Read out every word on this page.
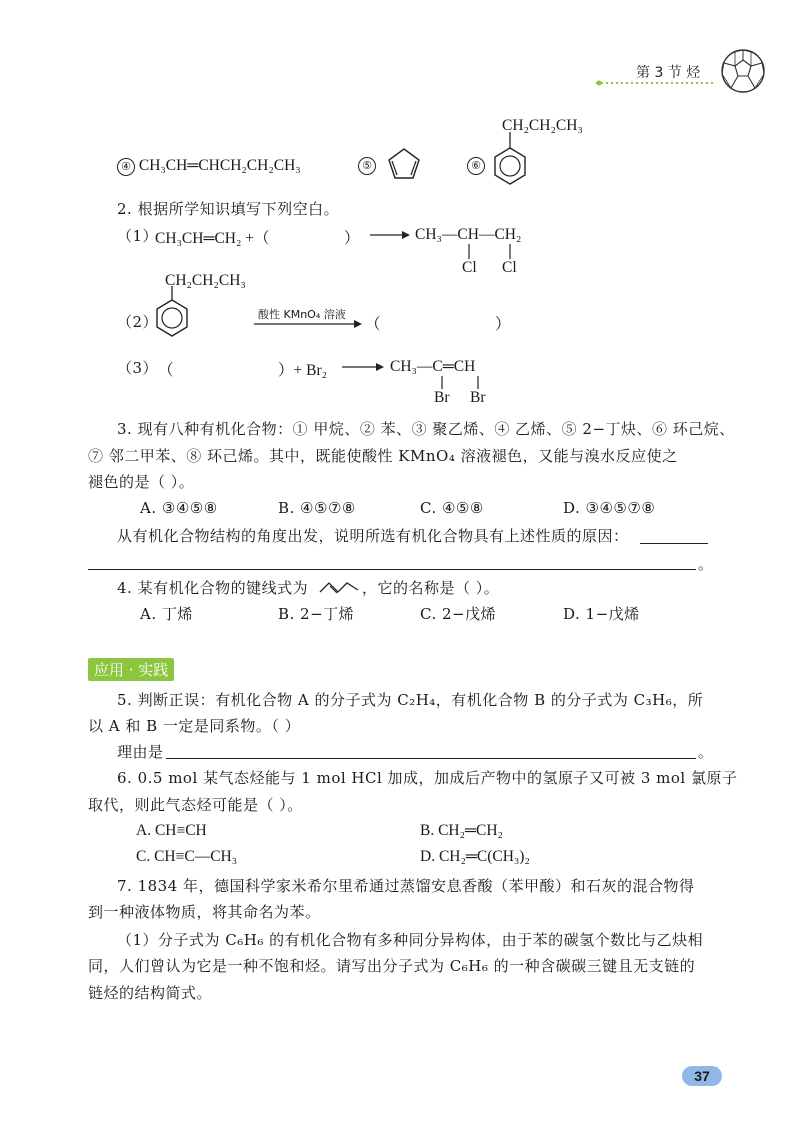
第 3 节 烃
④ CH₃CH═CHCH₂CH₂CH₃	⑤	⑥
CH₂CH₂CH₃
2. 根据所学知识填写下列空白。
（1）
CH₃CH═CH₂ +（	） → CH₃—CH—CH₂
Cl Cl
CH₂CH₂CH₃
（2）	酸性 KMnO₄ 溶液
（	）
（3） （	）+ Br₂ → CH₃—C═CH
Br Br
3. 现有八种有机化合物：① 甲烷、② 苯、③ 聚乙烯、④ 乙烯、⑤ 2−丁炔、⑥ 环己烷、
⑦ 邻二甲苯、⑧ 环己烯。其中，既能使酸性 KMnO₄ 溶液褪色，又能与溴水反应使之
褪色的是（ ）。
A. ③④⑤⑧	B. ④⑤⑦⑧	C. ④⑤⑧	D. ③④⑤⑦⑧
从有机化合物结构的角度出发，说明所选有机化合物具有上述性质的原因：
。
4. 某有机化合物的键线式为	，它的名称是（ ）。
A. 丁烯	B. 2−丁烯	C. 2−戊烯	D. 1−戊烯
应用 · 实践
5. 判断正误：有机化合物 A 的分子式为 C₂H₄，有机化合物 B 的分子式为 C₃H₆，所
以 A 和 B 一定是同系物。（ ）
理由是	。
6. 0.5 mol 某气态烃能与 1 mol HCl 加成，加成后产物中的氢原子又可被 3 mol 氯原子
取代，则此气态烃可能是（ ）。
A. CH≡CH	B. CH₂═CH₂
C. CH≡C—CH₃	D. CH₂═C(CH₃)₂
7. 1834 年，德国科学家米希尔里希通过蒸馏安息香酸（苯甲酸）和石灰的混合物得
到一种液体物质，将其命名为苯。
（1）分子式为 C₆H₆ 的有机化合物有多种同分异构体，由于苯的碳氢个数比与乙炔相
同，人们曾认为它是一种不饱和烃。请写出分子式为 C₆H₆ 的一种含碳碳三键且无支链的
链烃的结构简式。
37
